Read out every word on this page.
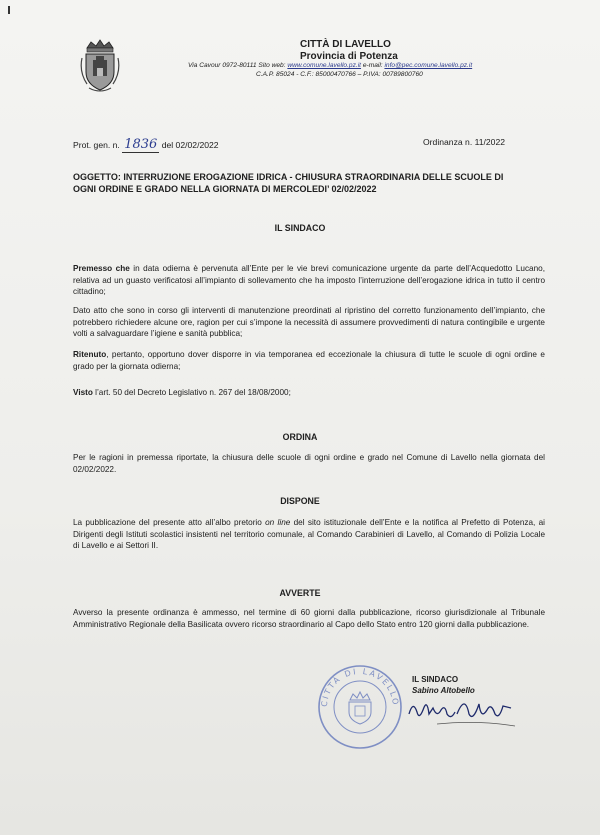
CITTÀ DI LAVELLO
Provincia di Potenza
Via Cavour 0972-80111 Sito web: www.comune.lavello.pz.it e-mail: info@pec.comune.lavello.pz.it
C.A.P. 85024 - C.F.: 85000470766 – P.IVA: 00789800760
Prot. gen. n. 1836 del 02/02/2022	Ordinanza n. 11/2022
OGGETTO: INTERRUZIONE EROGAZIONE IDRICA - CHIUSURA STRAORDINARIA DELLE SCUOLE DI
OGNI ORDINE E GRADO NELLA GIORNATA DI MERCOLEDI’ 02/02/2022
IL SINDACO
Premesso che in data odierna è pervenuta all’Ente per le vie brevi comunicazione urgente da parte dell’Acquedotto Lucano, relativa ad un guasto verificatosi all’impianto di sollevamento che ha imposto l’interruzione dell’erogazione idrica in tutto il centro cittadino;
Dato atto che sono in corso gli interventi di manutenzione preordinati al ripristino del corretto funzionamento dell’impianto, che potrebbero richiedere alcune ore, ragion per cui s’impone la necessità di assumere provvedimenti di natura contingibile e urgente volti a salvaguardare l’igiene e sanità pubblica;
Ritenuto, pertanto, opportuno dover disporre in via temporanea ed eccezionale la chiusura di tutte le scuole di ogni ordine e grado per la giornata odierna;
Visto l’art. 50 del Decreto Legislativo n. 267 del 18/08/2000;
ORDINA
Per le ragioni in premessa riportate, la chiusura delle scuole di ogni ordine e grado nel Comune di Lavello nella giornata del 02/02/2022.
DISPONE
La pubblicazione del presente atto all’albo pretorio on line del sito istituzionale dell’Ente e la notifica al Prefetto di Potenza, ai Dirigenti degli Istituti scolastici insistenti nel territorio comunale, al Comando Carabinieri di Lavello, al Comando di Polizia Locale di Lavello e ai Settori II.
AVVERTE
Avverso la presente ordinanza è ammesso, nel termine di 60 giorni dalla pubblicazione, ricorso giurisdizionale al Tribunale Amministrativo Regionale della Basilicata ovvero ricorso straordinario al Capo dello Stato entro 120 giorni dalla pubblicazione.
CITTÀ DI LAVELLO
IL SINDACO
Sabino Altobello
